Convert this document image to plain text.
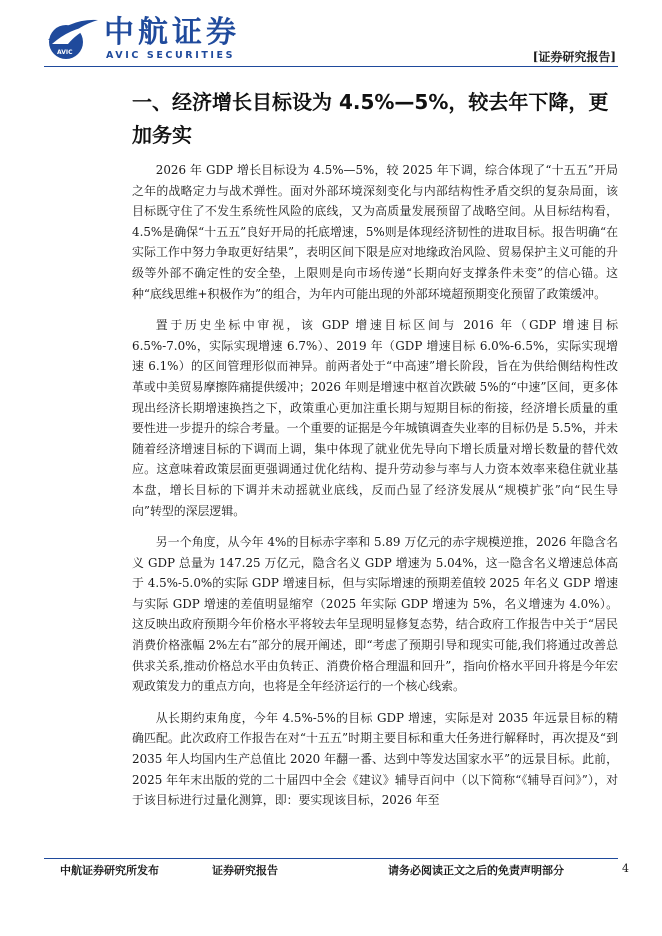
AVIC
中航证券
AVIC SECURITIES	[证券研究报告]
一、经济增长目标设为 4.5%—5%，较去年下降，更加务实

2026 年 GDP 增长目标设为 4.5%—5%，较 2025 年下调，综合体现了“十五五”开局之年的战略定力与战术弹性。面对外部环境深刻变化与内部结构性矛盾交织的复杂局面，该目标既守住了不发生系统性风险的底线，又为高质量发展预留了战略空间。从目标结构看，4.5%是确保“十五五”良好开局的托底增速，5%则是体现经济韧性的进取目标。报告明确“在实际工作中努力争取更好结果”，表明区间下限是应对地缘政治风险、贸易保护主义可能的升级等外部不确定性的安全垫，上限则是向市场传递“长期向好支撑条件未变”的信心锚。这种“底线思维+积极作为”的组合，为年内可能出现的外部环境超预期变化预留了政策缓冲。

置于历史坐标中审视，该 GDP 增速目标区间与 2016 年（GDP 增速目标 6.5%-7.0%，实际实现增速 6.7%）、2019 年（GDP 增速目标 6.0%-6.5%，实际实现增速 6.1%）的区间管理形似而神异。前两者处于“中高速”增长阶段，旨在为供给侧结构性改革或中美贸易摩擦阵痛提供缓冲；2026 年则是增速中枢首次跌破 5%的“中速”区间，更多体现出经济长期增速换挡之下，政策重心更加注重长期与短期目标的衔接，经济增长质量的重要性进一步提升的综合考量。一个重要的证据是今年城镇调查失业率的目标仍是 5.5%，并未随着经济增速目标的下调而上调，集中体现了就业优先导向下增长质量对增长数量的替代效应。这意味着政策层面更强调通过优化结构、提升劳动参与率与人力资本效率来稳住就业基本盘，增长目标的下调并未动摇就业底线，反而凸显了经济发展从“规模扩张”向“民生导向”转型的深层逻辑。

另一个角度，从今年 4%的目标赤字率和 5.89 万亿元的赤字规模逆推，2026 年隐含名义 GDP 总量为 147.25 万亿元，隐含名义 GDP 增速为 5.04%，这一隐含名义增速总体高于 4.5%-5.0%的实际 GDP 增速目标，但与实际增速的预期差值较 2025 年名义 GDP 增速与实际 GDP 增速的差值明显缩窄（2025 年实际 GDP 增速为 5%，名义增速为 4.0%）。这反映出政府预期今年价格水平将较去年呈现明显修复态势，结合政府工作报告中关于“居民消费价格涨幅 2%左右”部分的展开阐述，即“考虑了预期引导和现实可能,我们将通过改善总供求关系,推动价格总水平由负转正、消费价格合理温和回升”，指向价格水平回升将是今年宏观政策发力的重点方向，也将是全年经济运行的一个核心线索。

从长期约束角度，今年 4.5%-5%的目标 GDP 增速，实际是对 2035 年远景目标的精确匹配。此次政府工作报告在对“十五五”时期主要目标和重大任务进行解释时，再次提及“到 2035 年人均国内生产总值比 2020 年翻一番、达到中等发达国家水平”的远景目标。此前，2025 年年末出版的党的二十届四中全会《建议》辅导百问中（以下简称“《辅导百问》”），对于该目标进行过量化测算，即：要实现该目标，2026 年至

中航证券研究所发布	证券研究报告	请务必阅读正文之后的免责声明部分	4
